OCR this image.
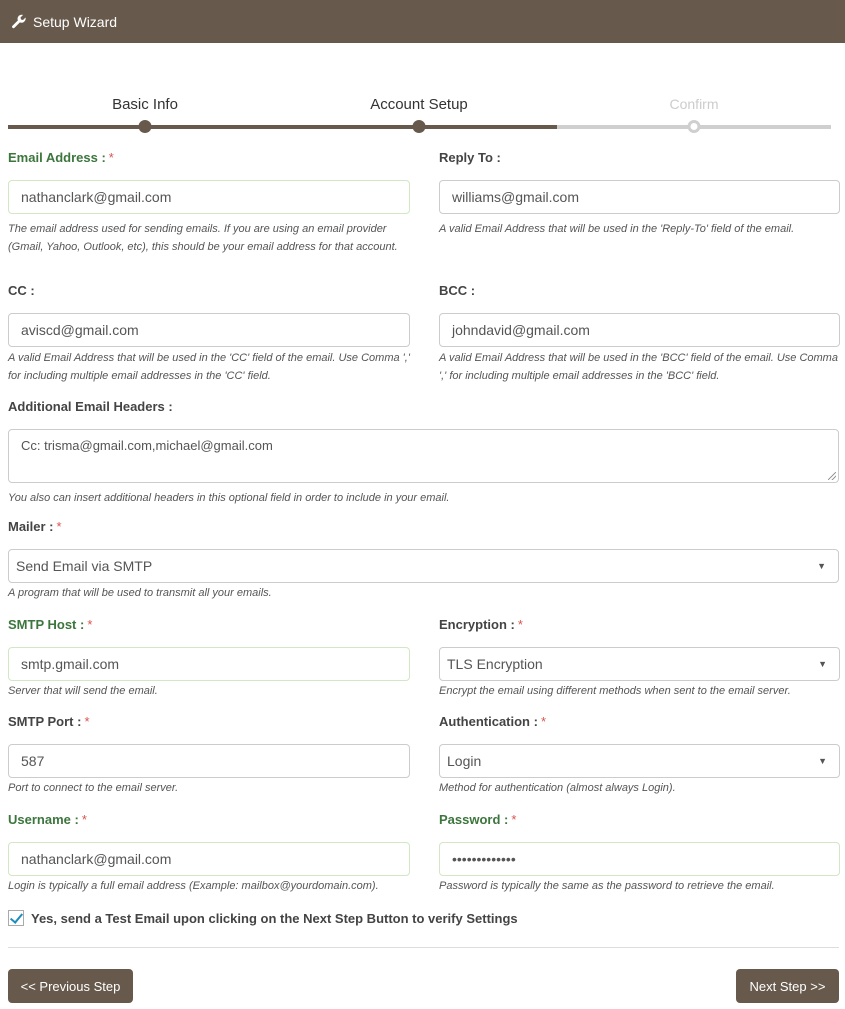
Setup Wizard
Basic Info	Account Setup	Confirm
Email Address : *
nathanclark@gmail.com
The email address used for sending emails. If you are using an email provider (Gmail, Yahoo, Outlook, etc), this should be your email address for that account.
Reply To :
williams@gmail.com
A valid Email Address that will be used in the 'Reply-To' field of the email.
CC :
aviscd@gmail.com
A valid Email Address that will be used in the 'CC' field of the email. Use Comma ',' for including multiple email addresses in the 'CC' field.
BCC :
johndavid@gmail.com
A valid Email Address that will be used in the 'BCC' field of the email. Use Comma ',' for including multiple email addresses in the 'BCC' field.
Additional Email Headers :
Cc: trisma@gmail.com,michael@gmail.com
You also can insert additional headers in this optional field in order to include in your email.
Mailer : *
Send Email via SMTP	▼
A program that will be used to transmit all your emails.
SMTP Host : *
smtp.gmail.com
Server that will send the email.
Encryption : *
TLS Encryption	▼
Encrypt the email using different methods when sent to the email server.
SMTP Port : *
587
Port to connect to the email server.
Authentication : *
Login	▼
Method for authentication (almost always Login).
Username : *
nathanclark@gmail.com
Login is typically a full email address (Example: mailbox@yourdomain.com).
Password : *
•••••••••••••
Password is typically the same as the password to retrieve the email.
Yes, send a Test Email upon clicking on the Next Step Button to verify Settings
<< Previous Step	Next Step >>
